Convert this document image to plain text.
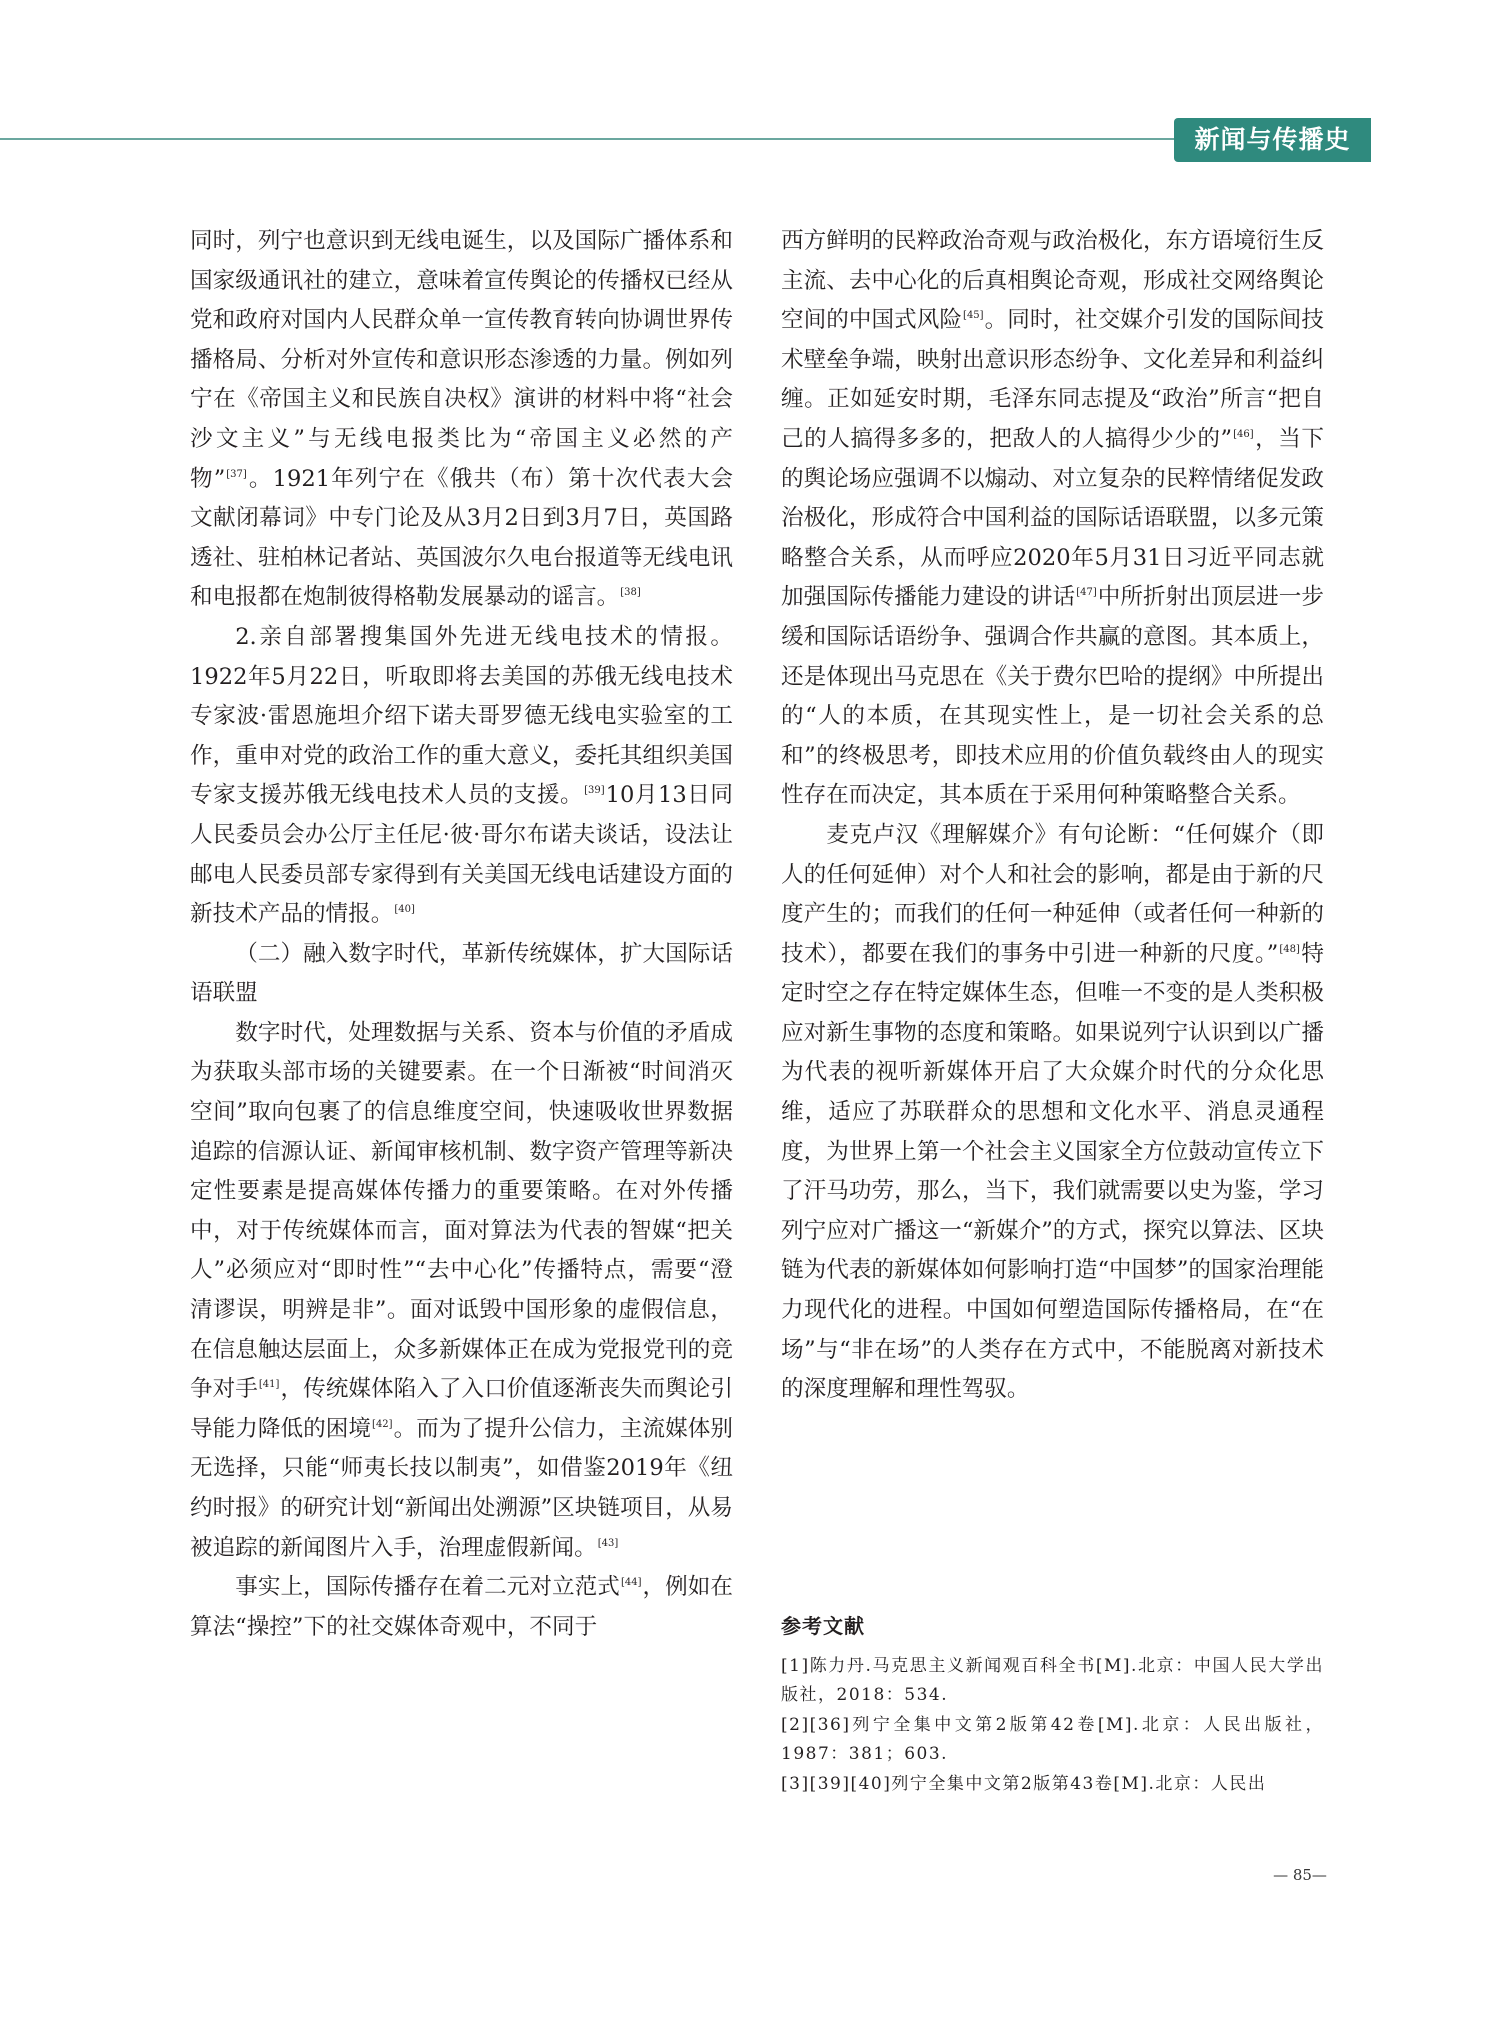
新闻与传播史

同时，列宁也意识到无线电诞生，以及国际广播体系和国家级通讯社的建立，意味着宣传舆论的传播权已经从党和政府对国内人民群众单一宣传教育转向协调世界传播格局、分析对外宣传和意识形态渗透的力量。例如列宁在《帝国主义和民族自决权》演讲的材料中将“社会沙文主义”与无线电报类比为“帝国主义必然的产物”[37]。1921年列宁在《俄共（布）第十次代表大会文献闭幕词》中专门论及从3月2日到3月7日，英国路透社、驻柏林记者站、英国波尔久电台报道等无线电讯和电报都在炮制彼得格勒发展暴动的谣言。[38]

2.亲自部署搜集国外先进无线电技术的情报。1922年5月22日，听取即将去美国的苏俄无线电技术专家波·雷恩施坦介绍下诺夫哥罗德无线电实验室的工作，重申对党的政治工作的重大意义，委托其组织美国专家支援苏俄无线电技术人员的支援。[39]10月13日同人民委员会办公厅主任尼·彼·哥尔布诺夫谈话，设法让邮电人民委员部专家得到有关美国无线电话建设方面的新技术产品的情报。[40]

（二）融入数字时代，革新传统媒体，扩大国际话语联盟

数字时代，处理数据与关系、资本与价值的矛盾成为获取头部市场的关键要素。在一个日渐被“时间消灭空间”取向包裹了的信息维度空间，快速吸收世界数据追踪的信源认证、新闻审核机制、数字资产管理等新决定性要素是提高媒体传播力的重要策略。在对外传播中，对于传统媒体而言，面对算法为代表的智媒“把关人”必须应对“即时性”“去中心化”传播特点，需要“澄清谬误，明辨是非”。面对诋毁中国形象的虚假信息，在信息触达层面上，众多新媒体正在成为党报党刊的竞争对手[41]，传统媒体陷入了入口价值逐渐丧失而舆论引导能力降低的困境[42]。而为了提升公信力，主流媒体别无选择，只能“师夷长技以制夷”，如借鉴2019年《纽约时报》的研究计划“新闻出处溯源”区块链项目，从易被追踪的新闻图片入手，治理虚假新闻。[43]

事实上，国际传播存在着二元对立范式[44]，例如在算法“操控”下的社交媒体奇观中，不同于

西方鲜明的民粹政治奇观与政治极化，东方语境衍生反主流、去中心化的后真相舆论奇观，形成社交网络舆论空间的中国式风险[45]。同时，社交媒介引发的国际间技术壁垒争端，映射出意识形态纷争、文化差异和利益纠缠。正如延安时期，毛泽东同志提及“政治”所言“把自己的人搞得多多的，把敌人的人搞得少少的”[46]，当下的舆论场应强调不以煽动、对立复杂的民粹情绪促发政治极化，形成符合中国利益的国际话语联盟，以多元策略整合关系，从而呼应2020年5月31日习近平同志就加强国际传播能力建设的讲话[47]中所折射出顶层进一步缓和国际话语纷争、强调合作共赢的意图。其本质上，还是体现出马克思在《关于费尔巴哈的提纲》中所提出的“人的本质，在其现实性上，是一切社会关系的总和”的终极思考，即技术应用的价值负载终由人的现实性存在而决定，其本质在于采用何种策略整合关系。

麦克卢汉《理解媒介》有句论断：“任何媒介（即人的任何延伸）对个人和社会的影响，都是由于新的尺度产生的；而我们的任何一种延伸（或者任何一种新的技术），都要在我们的事务中引进一种新的尺度。”[48]特定时空之存在特定媒体生态，但唯一不变的是人类积极应对新生事物的态度和策略。如果说列宁认识到以广播为代表的视听新媒体开启了大众媒介时代的分众化思维，适应了苏联群众的思想和文化水平、消息灵通程度，为世界上第一个社会主义国家全方位鼓动宣传立下了汗马功劳，那么，当下，我们就需要以史为鉴，学习列宁应对广播这一“新媒介”的方式，探究以算法、区块链为代表的新媒体如何影响打造“中国梦”的国家治理能力现代化的进程。中国如何塑造国际传播格局，在“在场”与“非在场”的人类存在方式中，不能脱离对新技术的深度理解和理性驾驭。

参考文献
[1]陈力丹.马克思主义新闻观百科全书[M].北京：中国人民大学出版社，2018：534.
[2][36]列宁全集中文第2版第42卷[M].北京：人民出版社，1987：381；603.
[3][39][40]列宁全集中文第2版第43卷[M].北京：人民出
— 85—
